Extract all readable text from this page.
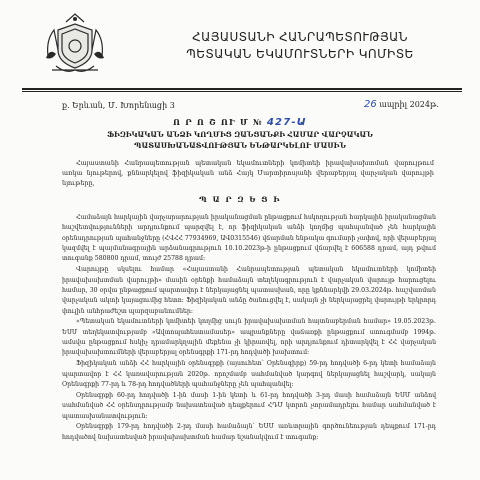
ՀԱՅԱՍՏԱՆԻ ՀԱՆՐԱՊԵՏՈՒԹՅԱՆ
ՊԵՏԱԿԱՆ ԵԿԱՄՈՒՏՆԵՐԻ ԿՈՄԻՏԵ
ք. Երևան, Մ. Խորենացի 3	26 ապրիլ 2024թ.
Ո Ր Ո Շ ՈՒ Մ № 427-Ա
ՖԻԶԻԿԱԿԱՆ ԱՆՁԻ ԿՈՂՄԻՑ ԶԱՆՑԱՆՔԻ ՀԱՄԱՐ ՎԱՐՉԱԿԱՆ
ՊԱՏԱՍԽԱՆԱՏՎՈՒԹՅԱՆ ԵՆԹԱՐԿԵԼՈՒ ՄԱՍԻՆ

Հայաստանի Հանրապետության պետական եկամուտների կոմիտեի իրավախախտման վարույթում առկա նյութերով, քննարկելով ֆիզիկական անձ Հայկ Մարտիրոսյանի վերաբերյալ վարչական վարույթի նյութերը,

Պ Ա Ր Զ Ե Ց Ի

Համաձայն հարկային վարչարարության իրականացման ընթացքում հսկողության հարկային իրականացման հաշվետվությունների արդյունքում պարզվել է, որ ֆիզիկական անձի կողմից պահպանված չեն հարկային օրենսդրության պահանջները (ՀՎՀՀ 77934969, ԱՎ0315546) վճարման ենթակա գումարի չափով, որի վերաբերյալ կազմվել է պայմանագրային արձանագրություն 10.10.2023թ-ի ընթացքում վճարվել է 606588 դրամ, այդ թվում տուգանք 580800 դրամ, տույժ 25788 դրամ:

Վարույթը սկսելու համար «Հայաստանի Հանրապետության պետական եկամուտների կոմիտեի իրավախախտման վարույթի» մասին օրենքի համաձայն տեղեկագրություն է վարչական վարույթ հարուցելու համար, 30 օրվա ընթացքում պարտավոր է ներկայացնել պատասխան, որը կքննարկվի 29.03.2024թ. հաշվառման վարչական ակտի կայացումից հետո: Ֆիզիկական անձը ծանուցվել է, սակայն չի ներկայացրել վարույթի երկրորդ փուլին անհրաժեշտ պարզաբանումներ:

«Պետական եկամուտների կոմիտեի կողմից սույն իրավախախտման հայտնաբերման համար» 19.05.2023թ. ԵՍՄ տեղեկատվությամբ «Ավտոպահեստամասեր» ապրանքները վաճառքի ընթացքում ստուգմամբ 1994թ. ամսվա ընթացքում հսկիչ դրամարկղային մեքենա չի կիրառվել, որի արդյունքում դիտարկվել է ՀՀ վարչական իրավախախտումների վերաբերյալ օրենսգրքի 171-րդ հոդվածի խախտում:

Ֆիզիկական անձի ՀՀ հարկային օրենսգրքի (այսուհետ՝ Օրենսգիրք) 59-րդ հոդվածի 6-րդ կետի համաձայն պարտավոր է ՀՀ կառավարության 2020թ. որոշմամբ սահմանված կարգով ներկայացնել հաշվարկ, սակայն Օրենսգրքի 77-րդ և 78-րդ հոդվածների պահանջները չեն պահպանվել:

Օրենսգրքի 60-րդ հոդվածի 1-ին մասի 1-ին կետի և 61-րդ հոդվածի 3-րդ մասի համաձայն ԵՍՄ անձով սահմանված ՀՀ օրենսդրությամբ նախատեսված դեպքերում ՀԴՄ կտրոն չտրամադրելու համար սահմանված է պատասխանատվություն:

Օրենսգրքի 179-րդ հոդվածի 2-րդ մասի համաձայն՝ ԵՍՄ առևտրային գործունեության դեպքում 171-րդ հոդվածով նախատեսված իրավախախտման համար նշանակվում է տուգանք:
